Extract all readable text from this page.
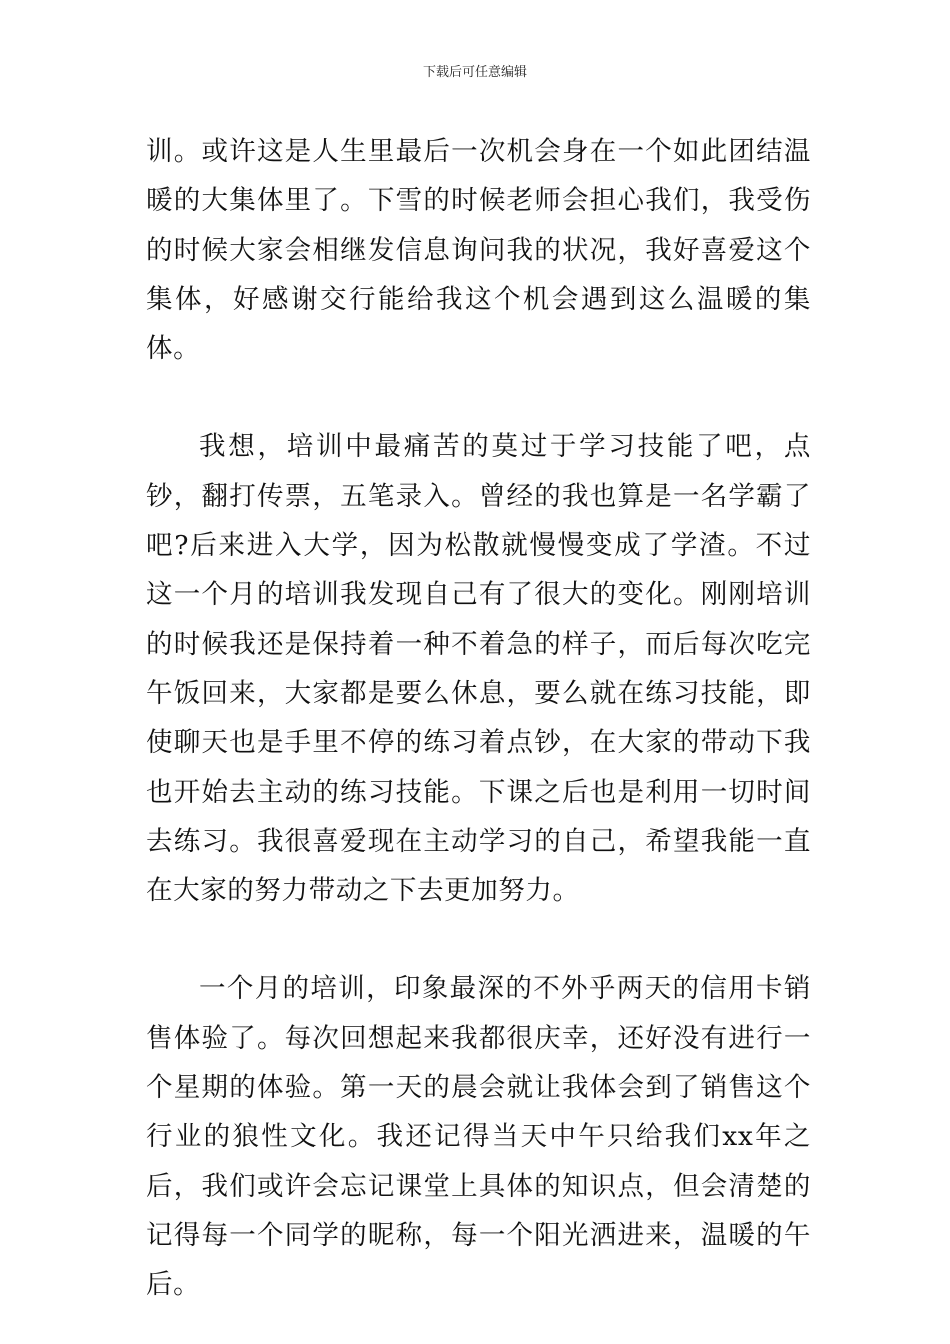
下载后可任意编辑

训。或许这是人生里最后一次机会身在一个如此团结温暖的大集体里了。下雪的时候老师会担心我们，我受伤的时候大家会相继发信息询问我的状况，我好喜爱这个集体，好感谢交行能给我这个机会遇到这么温暖的集体。

我想，培训中最痛苦的莫过于学习技能了吧，点钞，翻打传票，五笔录入。曾经的我也算是一名学霸了吧?后来进入大学，因为松散就慢慢变成了学渣。不过这一个月的培训我发现自己有了很大的变化。刚刚培训的时候我还是保持着一种不着急的样子，而后每次吃完午饭回来，大家都是要么休息，要么就在练习技能，即使聊天也是手里不停的练习着点钞，在大家的带动下我也开始去主动的练习技能。下课之后也是利用一切时间去练习。我很喜爱现在主动学习的自己，希望我能一直在大家的努力带动之下去更加努力。

一个月的培训，印象最深的不外乎两天的信用卡销售体验了。每次回想起来我都很庆幸，还好没有进行一个星期的体验。第一天的晨会就让我体会到了销售这个行业的狼性文化。我还记得当天中午只给我们xx年之后，我们或许会忘记课堂上具体的知识点，但会清楚的记得每一个同学的昵称，每一个阳光洒进来，温暖的午后。
